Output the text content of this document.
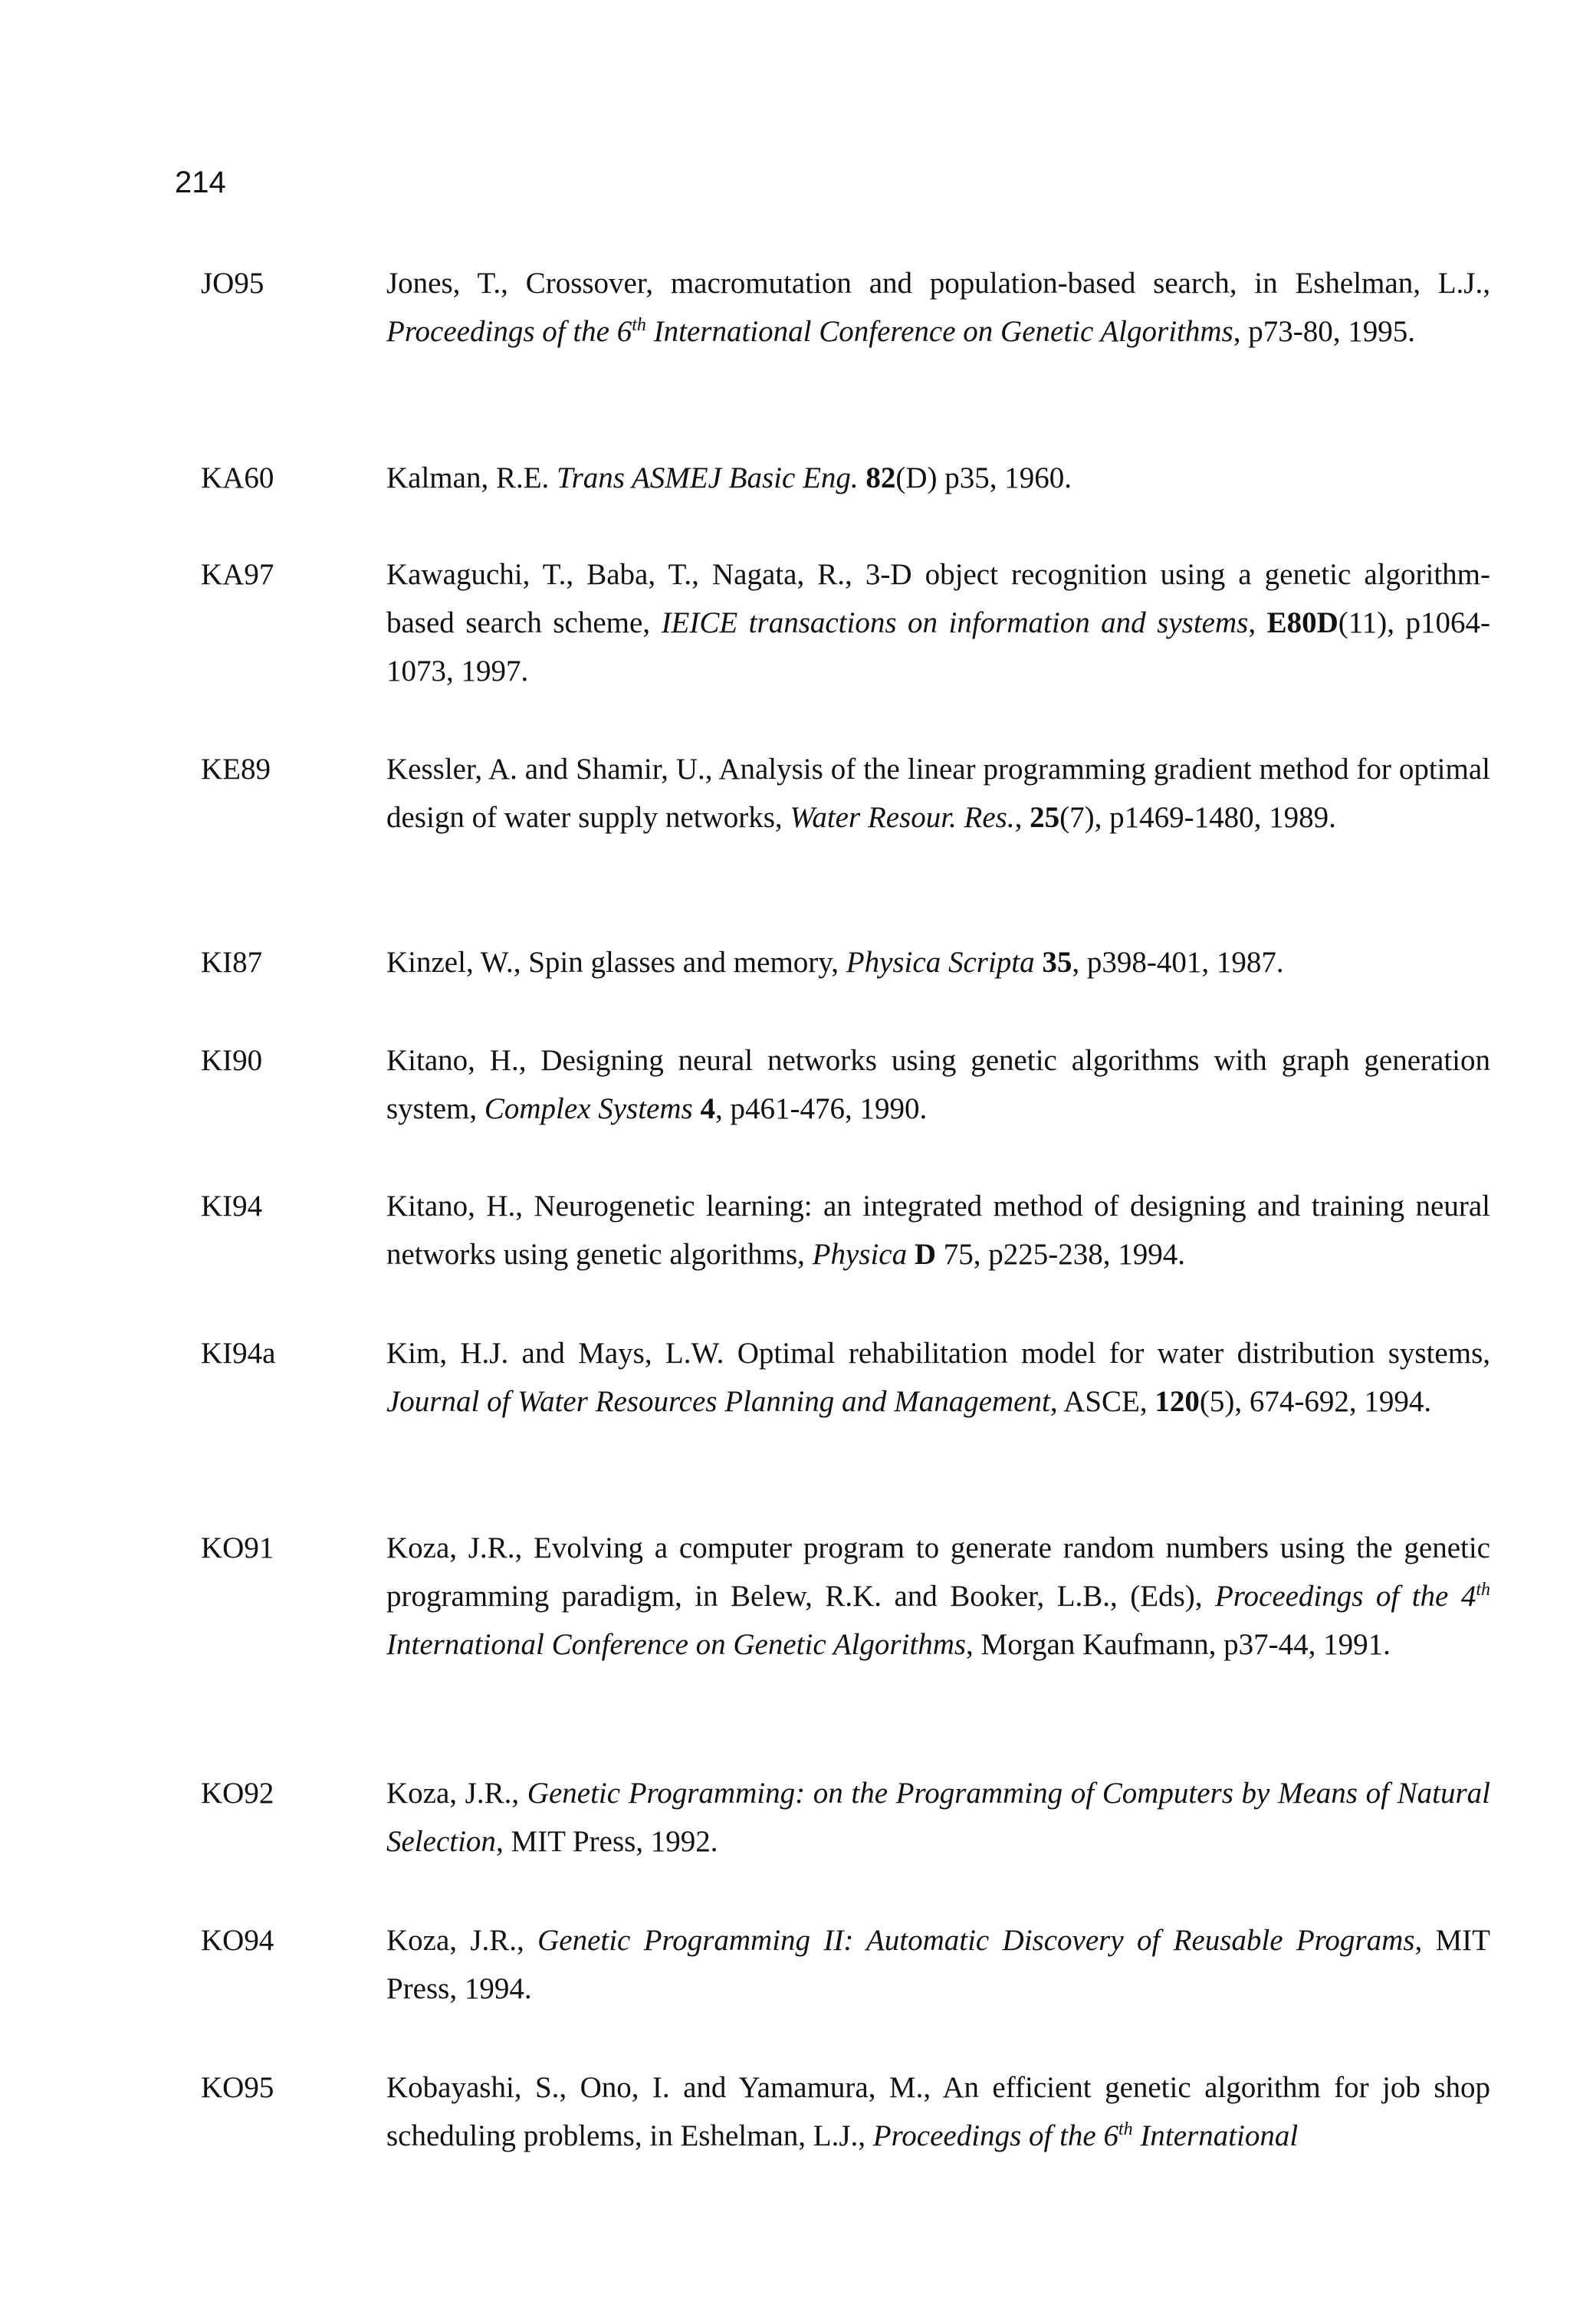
214
JO95	Jones, T., Crossover, macromutation and population-based search, in Eshelman, L.J., Proceedings of the 6th International Conference on Genetic Algorithms, p73-80, 1995.
KA60	Kalman, R.E. Trans ASMEJ Basic Eng. 82(D) p35, 1960.
KA97	Kawaguchi, T., Baba, T., Nagata, R., 3-D object recognition using a genetic algorithm-based search scheme, IEICE transactions on information and systems, E80D(11), p1064-1073, 1997.
KE89	Kessler, A. and Shamir, U., Analysis of the linear programming gradient method for optimal design of water supply networks, Water Resour. Res., 25(7), p1469-1480, 1989.
KI87	Kinzel, W., Spin glasses and memory, Physica Scripta 35, p398-401, 1987.
KI90	Kitano, H., Designing neural networks using genetic algorithms with graph generation system, Complex Systems 4, p461-476, 1990.
KI94	Kitano, H., Neurogenetic learning: an integrated method of designing and training neural networks using genetic algorithms, Physica D 75, p225-238, 1994.
KI94a	Kim, H.J. and Mays, L.W. Optimal rehabilitation model for water distribution systems, Journal of Water Resources Planning and Management, ASCE, 120(5), 674-692, 1994.
KO91	Koza, J.R., Evolving a computer program to generate random numbers using the genetic programming paradigm, in Belew, R.K. and Booker, L.B., (Eds), Proceedings of the 4th International Conference on Genetic Algorithms, Morgan Kaufmann, p37-44, 1991.
KO92	Koza, J.R., Genetic Programming: on the Programming of Computers by Means of Natural Selection, MIT Press, 1992.
KO94	Koza, J.R., Genetic Programming II: Automatic Discovery of Reusable Programs, MIT Press, 1994.
KO95	Kobayashi, S., Ono, I. and Yamamura, M., An efficient genetic algorithm for job shop scheduling problems, in Eshelman, L.J., Proceedings of the 6th International
